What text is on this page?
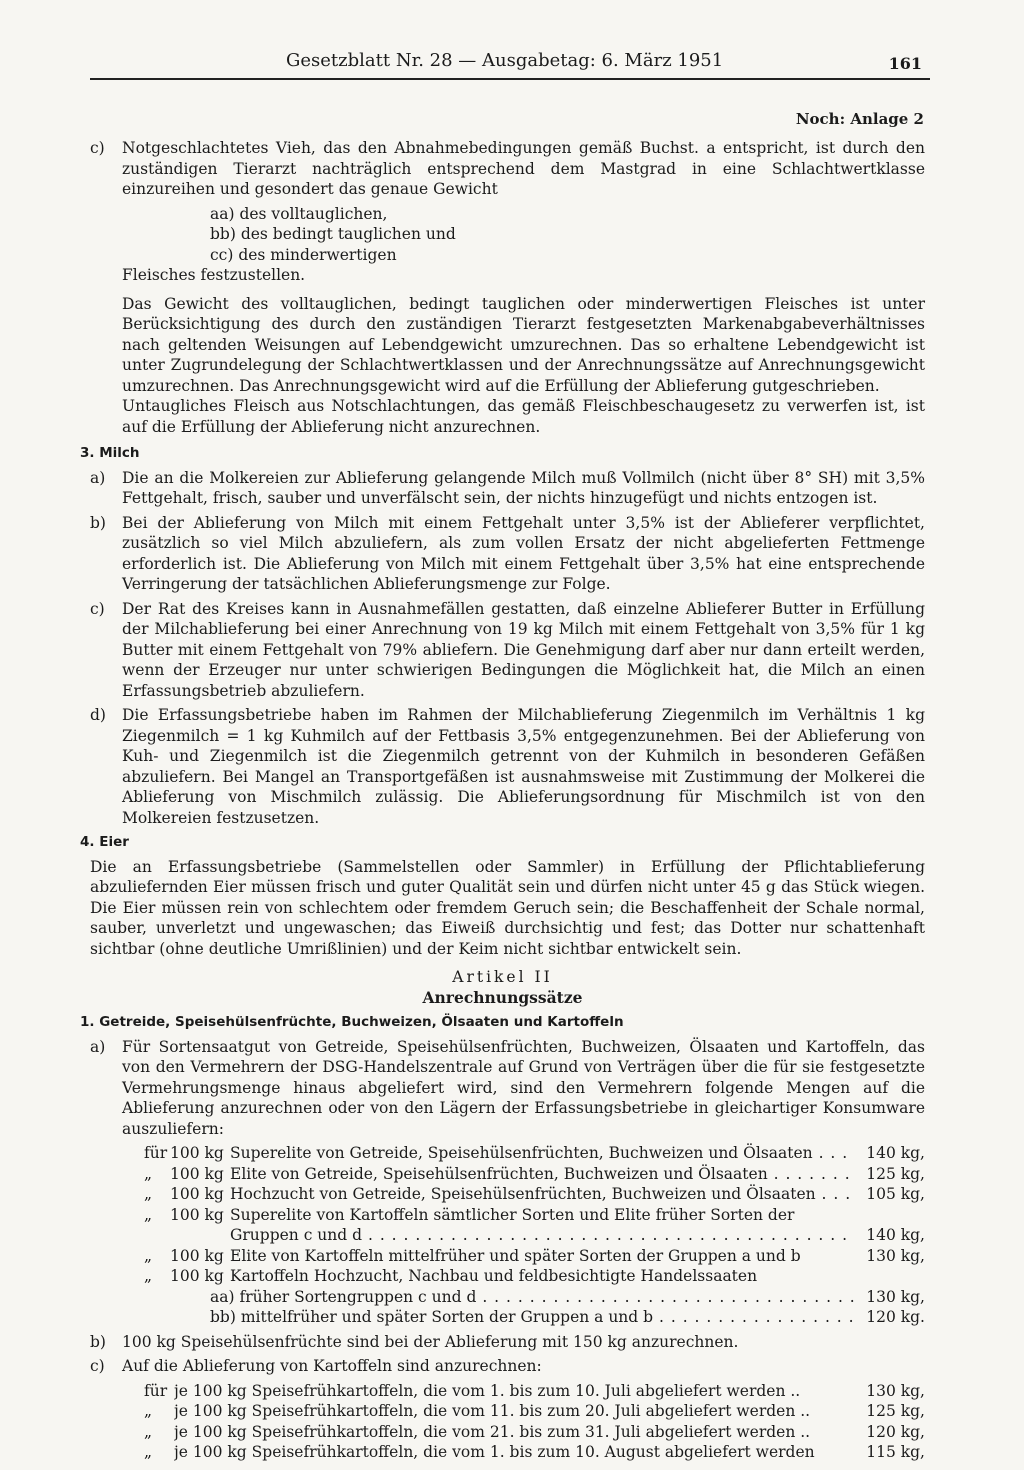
Gesetzblatt Nr. 28 — Ausgabetag: 6. März 1951	161
Noch: Anlage 2
c) Notgeschlachtetes Vieh, das den Abnahmebedingungen gemäß Buchst. a entspricht, ist durch den zuständigen Tierarzt nachträglich entsprechend dem Mastgrad in eine Schlachtwertklasse einzureihen und gesondert das genaue Gewicht

aa) des volltauglichen,
bb) des bedingt tauglichen und
cc) des minderwertigen

Fleisches festzustellen.

Das Gewicht des volltauglichen, bedingt tauglichen oder minderwertigen Fleisches ist unter Berücksichtigung des durch den zuständigen Tierarzt festgesetzten Markenabgabeverhältnisses nach geltenden Weisungen auf Lebendgewicht umzurechnen. Das so erhaltene Lebendgewicht ist unter Zugrundelegung der Schlachtwertklassen und der Anrechnungssätze auf Anrechnungsgewicht umzurechnen. Das Anrechnungsgewicht wird auf die Erfüllung der Ablieferung gutgeschrieben.

Untaugliches Fleisch aus Notschlachtungen, das gemäß Fleischbeschaugesetz zu verwerfen ist, ist auf die Erfüllung der Ablieferung nicht anzurechnen.

3. Milch
a) Die an die Molkereien zur Ablieferung gelangende Milch muß Vollmilch (nicht über 8° SH) mit 3,5% Fettgehalt, frisch, sauber und unverfälscht sein, der nichts hinzugefügt und nichts entzogen ist.

b) Bei der Ablieferung von Milch mit einem Fettgehalt unter 3,5% ist der Ablieferer verpflichtet, zusätzlich so viel Milch abzuliefern, als zum vollen Ersatz der nicht abgelieferten Fettmenge erforderlich ist. Die Ablieferung von Milch mit einem Fettgehalt über 3,5% hat eine entsprechende Verringerung der tatsächlichen Ablieferungsmenge zur Folge.

c) Der Rat des Kreises kann in Ausnahmefällen gestatten, daß einzelne Ablieferer Butter in Erfüllung der Milchablieferung bei einer Anrechnung von 19 kg Milch mit einem Fettgehalt von 3,5% für 1 kg Butter mit einem Fettgehalt von 79% abliefern. Die Genehmigung darf aber nur dann erteilt werden, wenn der Erzeuger nur unter schwierigen Bedingungen die Möglichkeit hat, die Milch an einen Erfassungsbetrieb abzuliefern.

d) Die Erfassungsbetriebe haben im Rahmen der Milchablieferung Ziegenmilch im Verhältnis 1 kg Ziegenmilch = 1 kg Kuhmilch auf der Fettbasis 3,5% entgegenzunehmen. Bei der Ablieferung von Kuh- und Ziegenmilch ist die Ziegenmilch getrennt von der Kuhmilch in besonderen Gefäßen abzuliefern. Bei Mangel an Transportgefäßen ist ausnahmsweise mit Zustimmung der Molkerei die Ablieferung von Mischmilch zulässig. Die Ablieferungsordnung für Mischmilch ist von den Molkereien festzusetzen.

4. Eier

Die an Erfassungsbetriebe (Sammelstellen oder Sammler) in Erfüllung der Pflichtablieferung abzuliefernden Eier müssen frisch und guter Qualität sein und dürfen nicht unter 45 g das Stück wiegen. Die Eier müssen rein von schlechtem oder fremdem Geruch sein; die Beschaffenheit der Schale normal, sauber, unverletzt und ungewaschen; das Eiweiß durchsichtig und fest; das Dotter nur schattenhaft sichtbar (ohne deutliche Umrißlinien) und der Keim nicht sichtbar entwickelt sein.

Artikel II
Anrechnungssätze
1. Getreide, Speisehülsenfrüchte, Buchweizen, Ölsaaten und Kartoffeln
a) Für Sortensaatgut von Getreide, Speisehülsenfrüchten, Buchweizen, Ölsaaten und Kartoffeln, das von den Vermehrern der DSG-Handelszentrale auf Grund von Verträgen über die für sie festgesetzte Vermehrungsmenge hinaus abgeliefert wird, sind den Vermehrern folgende Mengen auf die Ablieferung anzurechnen oder von den Lägern der Erfassungsbetriebe in gleichartiger Konsumware auszuliefern:

für 100 kg Superelite von Getreide, Speisehülsenfrüchten, Buchweizen und Ölsaaten . . .	140 kg,
„	100 kg Elite von Getreide, Speisehülsenfrüchten, Buchweizen und Ölsaaten . . .	125 kg,
„	100 kg Hochzucht von Getreide, Speisehülsenfrüchten, Buchweizen und Ölsaaten . . .	105 kg,
„	100 kg Superelite von Kartoffeln sämtlicher Sorten und Elite früher Sorten der
Gruppen c und d . . .	140 kg,
„	100 kg Elite von Kartoffeln mittelfrüher und später Sorten der Gruppen a und b	130 kg,
„	100 kg Kartoffeln Hochzucht, Nachbau und feldbesichtigte Handelssaaten
aa) früher Sortengruppen c und d . . .	130 kg,
bb) mittelfrüher und später Sorten der Gruppen a und b . . .	120 kg.
b) 100 kg Speisehülsenfrüchte sind bei der Ablieferung mit 150 kg anzurechnen.

c) Auf die Ablieferung von Kartoffeln sind anzurechnen:

für je 100 kg Speisefrühkartoffeln, die vom 1. bis zum 10. Juli abgeliefert werden ..	130 kg,
„	je 100 kg Speisefrühkartoffeln, die vom 11. bis zum 20. Juli abgeliefert werden ..	125 kg,
„	je 100 kg Speisefrühkartoffeln, die vom 21. bis zum 31. Juli abgeliefert werden ..	120 kg,
„	je 100 kg Speisefrühkartoffeln, die vom 1. bis zum 10. August abgeliefert werden	115 kg,
